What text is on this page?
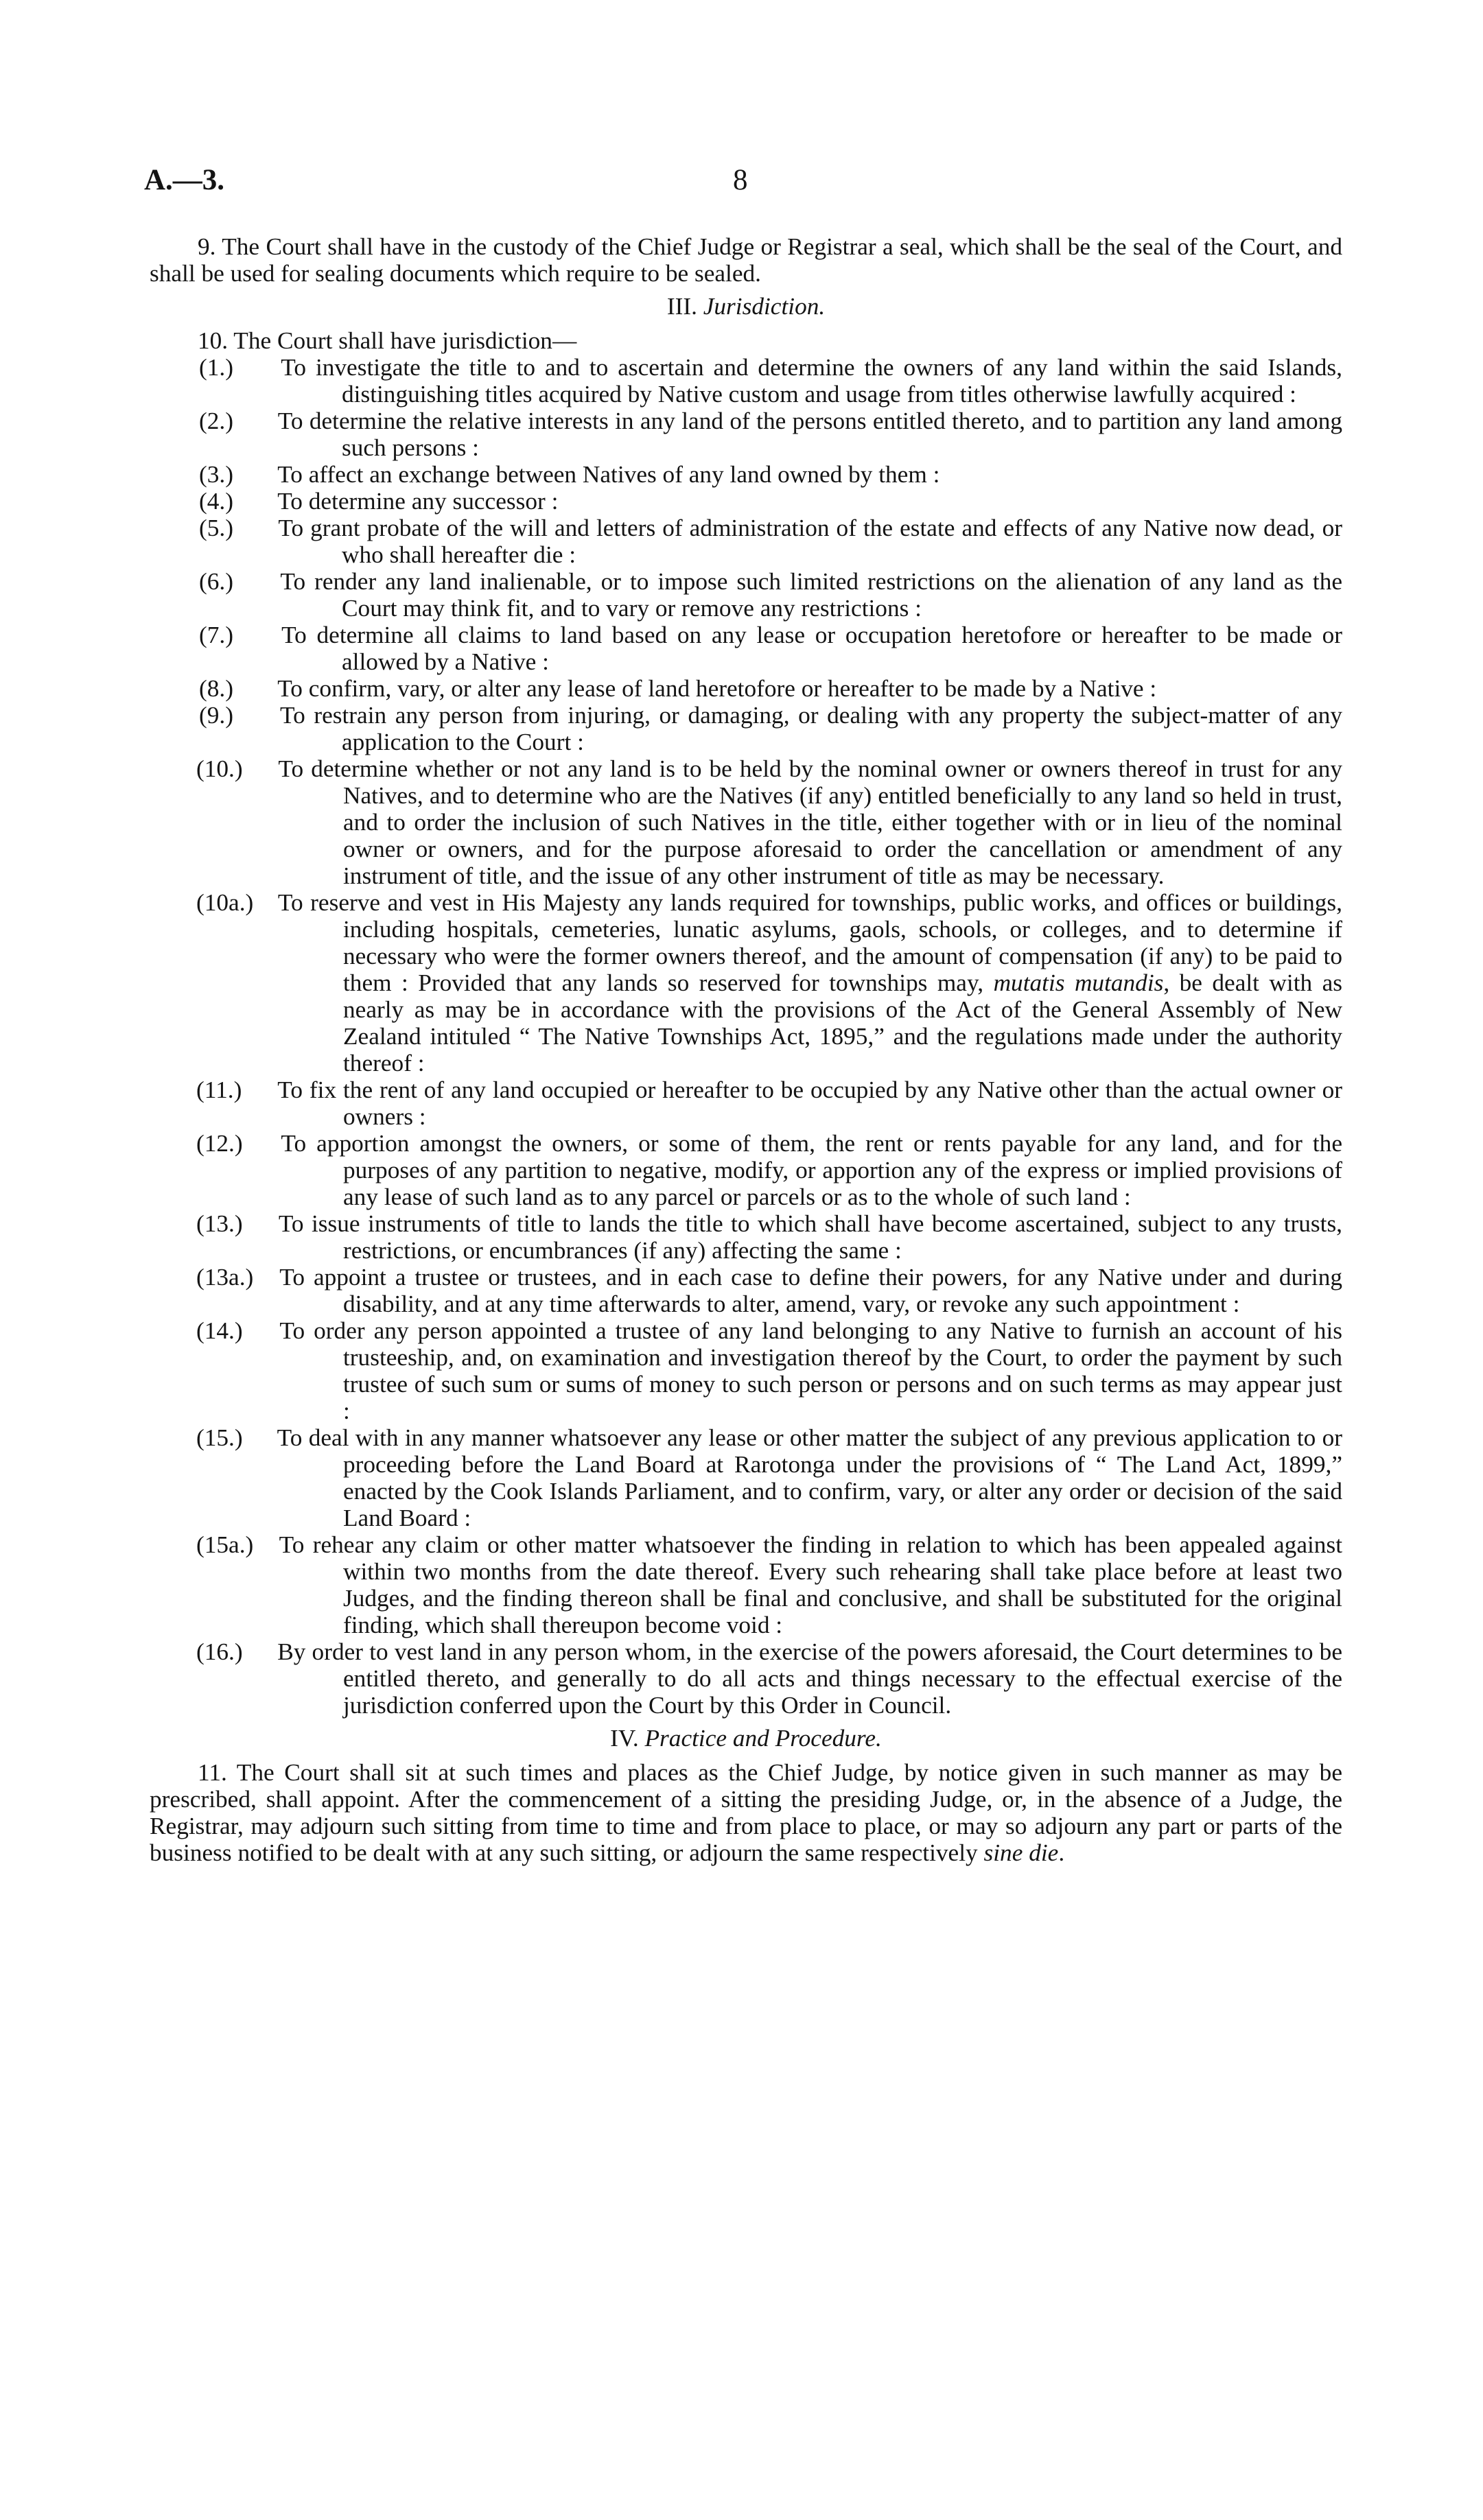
A.—3.	8

9. The Court shall have in the custody of the Chief Judge or Registrar a seal, which shall be the seal of the Court, and shall be used for sealing documents which require to be sealed.

III. Jurisdiction.
10. The Court shall have jurisdiction—
(1.) To investigate the title to and to ascertain and determine the owners of any land within the said Islands, distinguishing titles acquired by Native custom and usage from titles otherwise lawfully acquired :
(2.) To determine the relative interests in any land of the persons entitled thereto, and to partition any land among such persons :
(3.) To affect an exchange between Natives of any land owned by them :
(4.) To determine any successor :
(5.) To grant probate of the will and letters of administration of the estate and effects of any Native now dead, or who shall hereafter die :
(6.) To render any land inalienable, or to impose such limited restrictions on the alienation of any land as the Court may think fit, and to vary or remove any restrictions :
(7.) To determine all claims to land based on any lease or occupation heretofore or hereafter to be made or allowed by a Native :
(8.) To confirm, vary, or alter any lease of land heretofore or hereafter to be made by a Native :
(9.) To restrain any person from injuring, or damaging, or dealing with any property the subject-matter of any application to the Court :
(10.) To determine whether or not any land is to be held by the nominal owner or owners thereof in trust for any Natives, and to determine who are the Natives (if any) entitled beneficially to any land so held in trust, and to order the inclusion of such Natives in the title, either together with or in lieu of the nominal owner or owners, and for the purpose aforesaid to order the cancellation or amendment of any instrument of title, and the issue of any other instrument of title as may be necessary.
(10a.) To reserve and vest in His Majesty any lands required for townships, public works, and offices or buildings, including hospitals, cemeteries, lunatic asylums, gaols, schools, or colleges, and to determine if necessary who were the former owners thereof, and the amount of compensation (if any) to be paid to them : Provided that any lands so reserved for townships may, mutatis mutandis, be dealt with as nearly as may be in accordance with the provisions of the Act of the General Assembly of New Zealand intituled “ The Native Townships Act, 1895,” and the regulations made under the authority thereof :
(11.) To fix the rent of any land occupied or hereafter to be occupied by any Native other than the actual owner or owners :
(12.) To apportion amongst the owners, or some of them, the rent or rents payable for any land, and for the purposes of any partition to negative, modify, or apportion any of the express or implied provisions of any lease of such land as to any parcel or parcels or as to the whole of such land :
(13.) To issue instruments of title to lands the title to which shall have become ascertained, subject to any trusts, restrictions, or encumbrances (if any) affecting the same :
(13a.) To appoint a trustee or trustees, and in each case to define their powers, for any Native under and during disability, and at any time afterwards to alter, amend, vary, or revoke any such appointment :
(14.) To order any person appointed a trustee of any land belonging to any Native to furnish an account of his trusteeship, and, on examination and investigation thereof by the Court, to order the payment by such trustee of such sum or sums of money to such person or persons and on such terms as may appear just :
(15.) To deal with in any manner whatsoever any lease or other matter the subject of any previous application to or proceeding before the Land Board at Rarotonga under the provisions of “ The Land Act, 1899,” enacted by the Cook Islands Parliament, and to confirm, vary, or alter any order or decision of the said Land Board :
(15a.) To rehear any claim or other matter whatsoever the finding in relation to which has been appealed against within two months from the date thereof. Every such rehearing shall take place before at least two Judges, and the finding thereon shall be final and conclusive, and shall be substituted for the original finding, which shall thereupon become void :
(16.) By order to vest land in any person whom, in the exercise of the powers aforesaid, the Court determines to be entitled thereto, and generally to do all acts and things necessary to the effectual exercise of the jurisdiction conferred upon the Court by this Order in Council.
IV. Practice and Procedure.

11. The Court shall sit at such times and places as the Chief Judge, by notice given in such manner as may be prescribed, shall appoint. After the commencement of a sitting the presiding Judge, or, in the absence of a Judge, the Registrar, may adjourn such sitting from time to time and from place to place, or may so adjourn any part or parts of the business notified to be dealt with at any such sitting, or adjourn the same respectively sine die.
